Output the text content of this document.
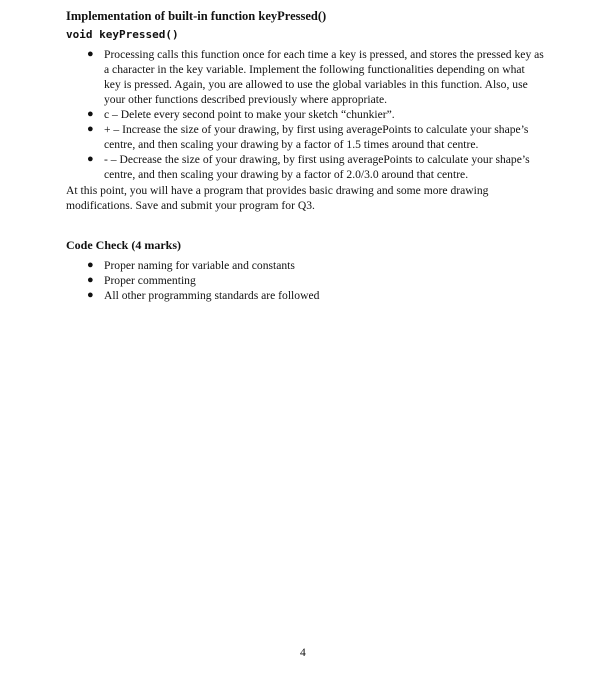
Implementation of built-in function keyPressed()
void keyPressed()
● Processing calls this function once for each time a key is pressed, and stores the pressed key as a character in the key variable. Implement the following functionalities depending on what key is pressed. Again, you are allowed to use the global variables in this function. Also, use your other functions described previously where appropriate.
● c – Delete every second point to make your sketch “chunkier”.
● + – Increase the size of your drawing, by first using averagePoints to calculate your shape’s centre, and then scaling your drawing by a factor of 1.5 times around that centre.
● - – Decrease the size of your drawing, by first using averagePoints to calculate your shape’s centre, and then scaling your drawing by a factor of 2.0/3.0 around that centre.
At this point, you will have a program that provides basic drawing and some more drawing modifications. Save and submit your program for Q3.
Code Check (4 marks)
● Proper naming for variable and constants
● Proper commenting
● All other programming standards are followed
4
